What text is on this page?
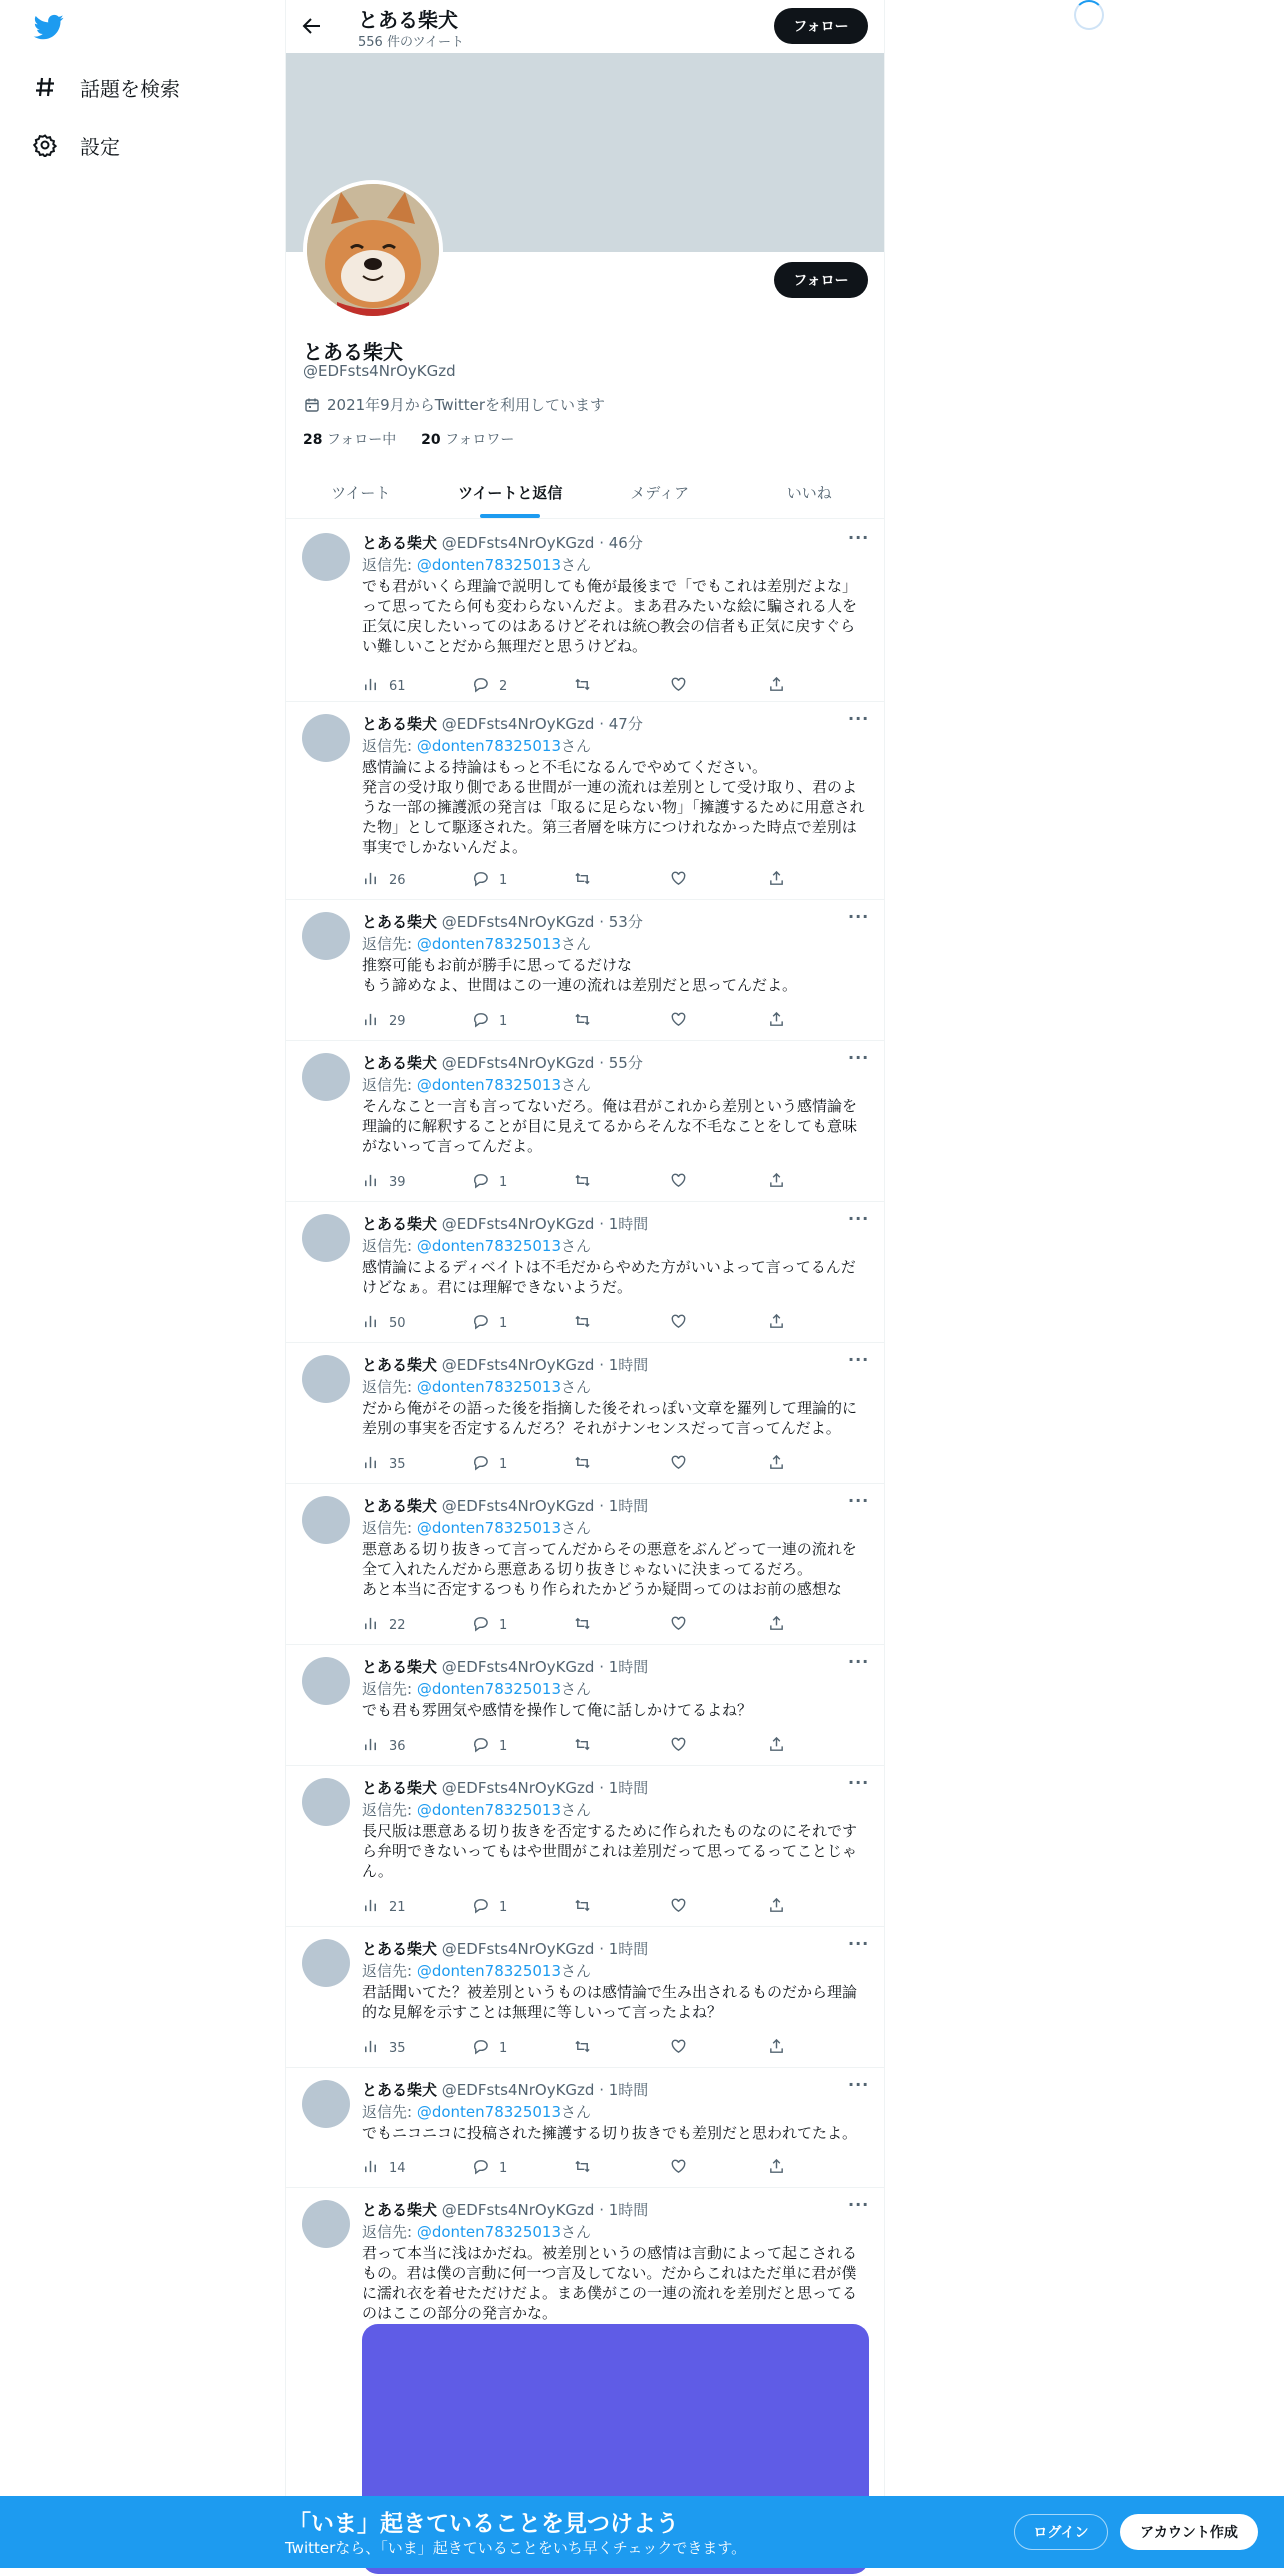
話題を検索
設定
とある柴犬
556 件のツイート
フォロー
フォロー
とある柴犬
@EDFsts4NrOyKGzd
2021年9月からTwitterを利用しています
28 フォロー中 20 フォロワー
ツイート	ツイートと返信	メディア	いいね
とある柴犬 @EDFsts4NrOyKGzd · 46分	···
返信先: @donten78325013さん
でも君がいくら理論で説明しても俺が最後まで「でもこれは差別だよな」って思ってたら何も変わらないんだよ。まあ君みたいな絵に騙される人を正気に戻したいってのはあるけどそれは統○教会の信者も正気に戻すぐらい難しいことだから無理だと思うけどね。
61	2
とある柴犬 @EDFsts4NrOyKGzd · 47分	···
返信先: @donten78325013さん
感情論による持論はもっと不毛になるんでやめてください。
発言の受け取り側である世間が一連の流れは差別として受け取り、君のような一部の擁護派の発言は「取るに足らない物」「擁護するために用意された物」として駆逐された。第三者層を味方につけれなかった時点で差別は事実でしかないんだよ。
26	1
とある柴犬 @EDFsts4NrOyKGzd · 53分	···
返信先: @donten78325013さん
推察可能もお前が勝手に思ってるだけな
もう諦めなよ、世間はこの一連の流れは差別だと思ってんだよ。
29	1
とある柴犬 @EDFsts4NrOyKGzd · 55分	···
返信先: @donten78325013さん
そんなこと一言も言ってないだろ。俺は君がこれから差別という感情論を理論的に解釈することが目に見えてるからそんな不毛なことをしても意味がないって言ってんだよ。
39	1
とある柴犬 @EDFsts4NrOyKGzd · 1時間	···
返信先: @donten78325013さん
感情論によるディベイトは不毛だからやめた方がいいよって言ってるんだけどなぁ。君には理解できないようだ。
50	1
とある柴犬 @EDFsts4NrOyKGzd · 1時間	···
返信先: @donten78325013さん
だから俺がその語った後を指摘した後それっぽい文章を羅列して理論的に差別の事実を否定するんだろ？それがナンセンスだって言ってんだよ。
35	1
とある柴犬 @EDFsts4NrOyKGzd · 1時間	···
返信先: @donten78325013さん
悪意ある切り抜きって言ってんだからその悪意をぶんどって一連の流れを全て入れたんだから悪意ある切り抜きじゃないに決まってるだろ。
あと本当に否定するつもり作られたかどうか疑問ってのはお前の感想な
22	1
とある柴犬 @EDFsts4NrOyKGzd · 1時間	···
返信先: @donten78325013さん
でも君も雰囲気や感情を操作して俺に話しかけてるよね？
36	1
とある柴犬 @EDFsts4NrOyKGzd · 1時間	···
返信先: @donten78325013さん
長尺版は悪意ある切り抜きを否定するために作られたものなのにそれですら弁明できないってもはや世間がこれは差別だって思ってるってことじゃん。
21	1
とある柴犬 @EDFsts4NrOyKGzd · 1時間	···
返信先: @donten78325013さん
君話聞いてた？被差別というものは感情論で生み出されるものだから理論的な見解を示すことは無理に等しいって言ったよね？
35	1
とある柴犬 @EDFsts4NrOyKGzd · 1時間	···
返信先: @donten78325013さん
でもニコニコに投稿された擁護する切り抜きでも差別だと思われてたよ。
14	1
とある柴犬 @EDFsts4NrOyKGzd · 1時間	···
返信先: @donten78325013さん
君って本当に浅はかだね。被差別というの感情は言動によって起こされるもの。君は僕の言動に何一つ言及してない。だからこれはただ単に君が僕に濡れ衣を着せただけだよ。まあ僕がこの一連の流れを差別だと思ってるのはここの部分の発言かな。
「いま」起きていることを見つけよう
Twitterなら、「いま」起きていることをいち早くチェックできます。
ログイン	アカウント作成
